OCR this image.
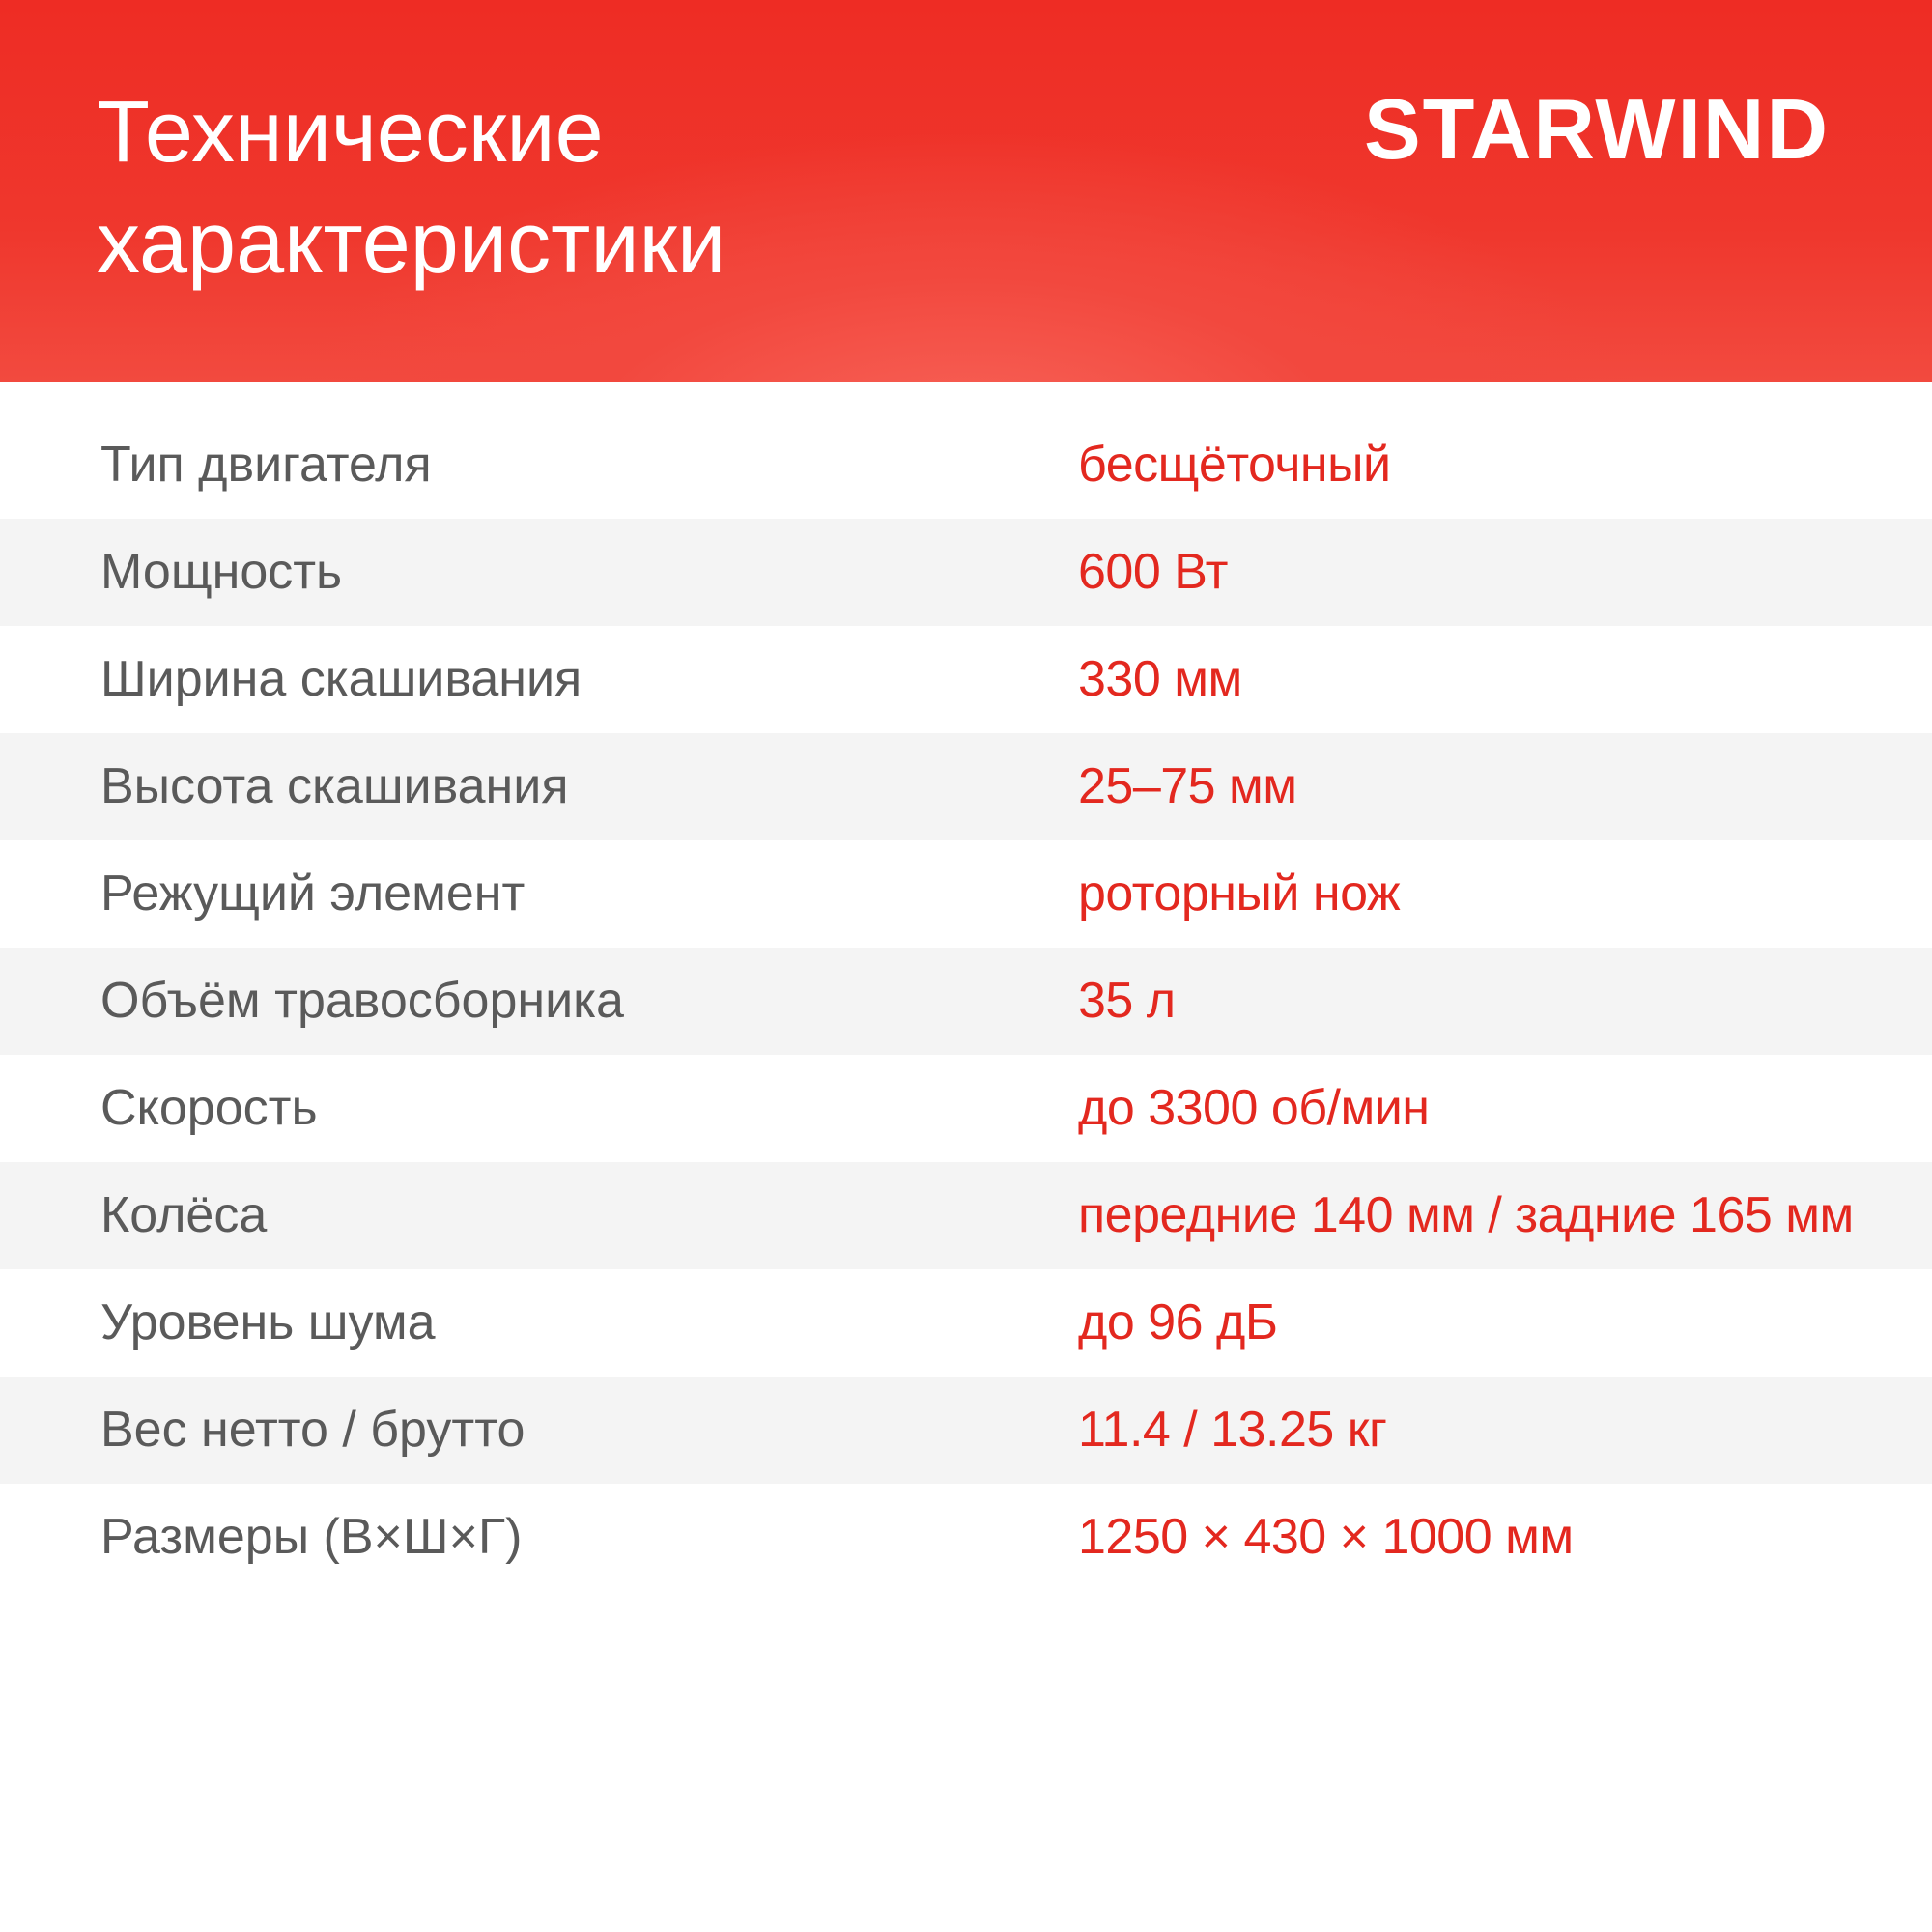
Технические
характеристики
STARWIND
Тип двигателя	бесщёточный
Мощность	600 Вт
Ширина скашивания	330 мм
Высота скашивания	25–75 мм
Режущий элемент	роторный нож
Объём травосборника	35 л
Скорость	до 3300 об/мин
Колёса	передние 140 мм / задние 165 мм
Уровень шума	до 96 дБ
Вес нетто / брутто	11.4 / 13.25 кг
Размеры (В×Ш×Г)	1250 × 430 × 1000 мм
